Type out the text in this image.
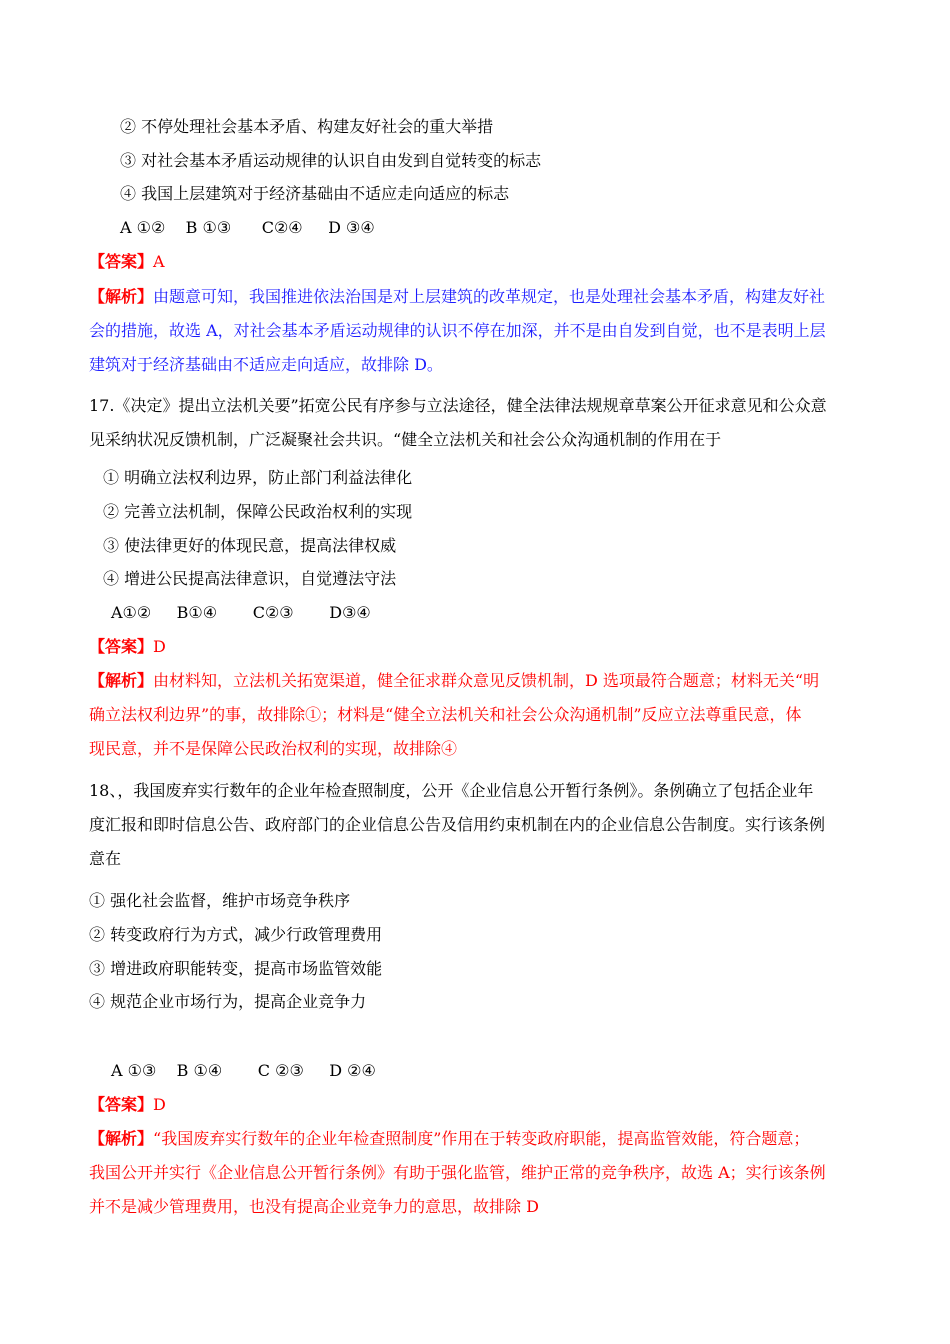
② 不停处理社会基本矛盾、构建友好社会的重大举措
③ 对社会基本矛盾运动规律的认识自由发到自觉转变的标志
④ 我国上层建筑对于经济基础由不适应走向适应的标志
A ①②    B ①③      C②④     D ③④
【答案】A
【解析】由题意可知，我国推进依法治国是对上层建筑的改革规定，也是处理社会基本矛盾，构建友好社
会的措施，故选 A，对社会基本矛盾运动规律的认识不停在加深，并不是由自发到自觉，也不是表明上层
建筑对于经济基础由不适应走向适应，故排除 D。
17.《决定》提出立法机关要”拓宽公民有序参与立法途径，健全法律法规规章草案公开征求意见和公众意
见采纳状况反馈机制，广泛凝聚社会共识。“健全立法机关和社会公众沟通机制的作用在于
① 明确立法权利边界，防止部门利益法律化
② 完善立法机制，保障公民政治权利的实现
③ 使法律更好的体现民意，提高法律权威
④ 增进公民提高法律意识，自觉遵法守法
A①②     B①④       C②③       D③④
【答案】D
【解析】由材料知，立法机关拓宽渠道，健全征求群众意见反馈机制，D 选项最符合题意；材料无关“明
确立法权利边界”的事，故排除①；材料是“健全立法机关和社会公众沟通机制”反应立法尊重民意，体
现民意，并不是保障公民政治权利的实现，故排除④
18、，我国废弃实行数年的企业年检查照制度，公开《企业信息公开暂行条例》。条例确立了包括企业年
度汇报和即时信息公告、政府部门的企业信息公告及信用约束机制在内的企业信息公告制度。实行该条例
意在
① 强化社会监督，维护市场竞争秩序
② 转变政府行为方式，减少行政管理费用
③ 增进政府职能转变，提高市场监管效能
④ 规范企业市场行为，提高企业竞争力
A ①③    B ①④       C ②③     D ②④
【答案】D
【解析】“我国废弃实行数年的企业年检查照制度”作用在于转变政府职能，提高监管效能，符合题意；
我国公开并实行《企业信息公开暂行条例》有助于强化监管，维护正常的竞争秩序，故选 A；实行该条例
并不是减少管理费用，也没有提高企业竞争力的意思，故排除 D
